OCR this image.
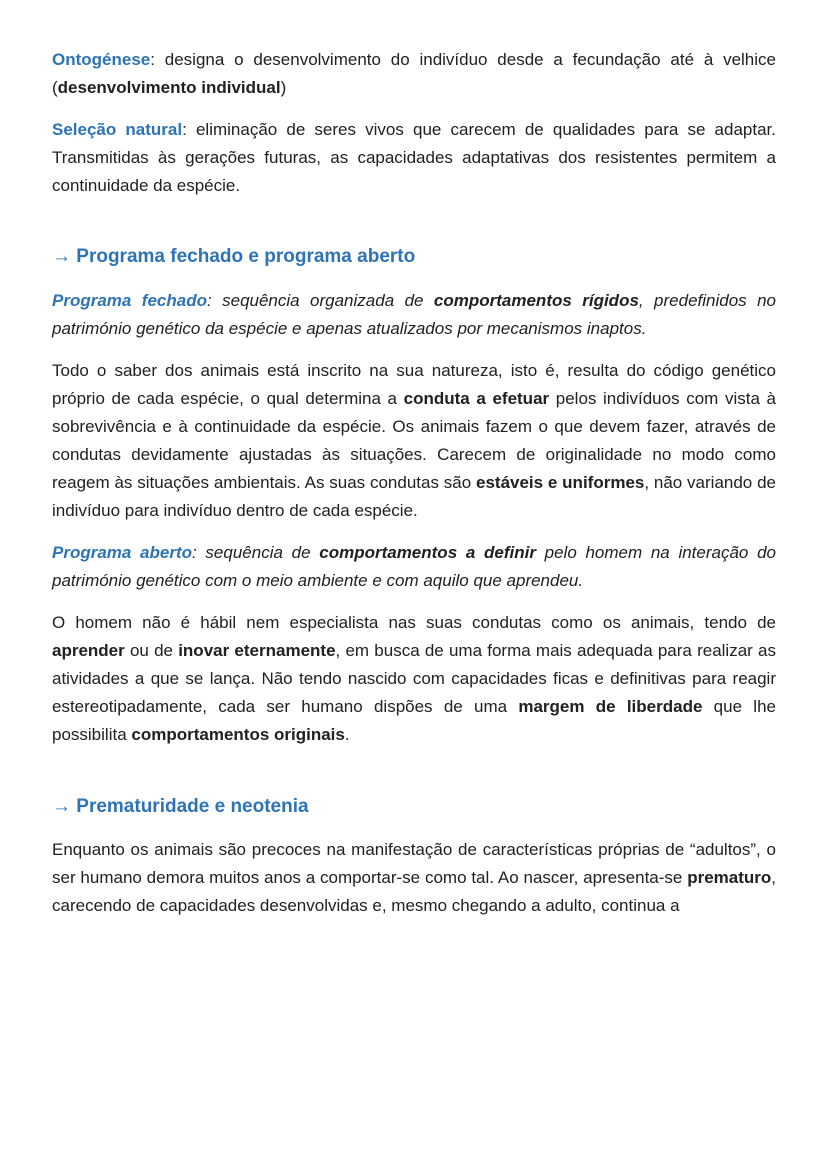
Ontogénese: designa o desenvolvimento do indivíduo desde a fecundação até à velhice (desenvolvimento individual)

Seleção natural: eliminação de seres vivos que carecem de qualidades para se adaptar. Transmitidas às gerações futuras, as capacidades adaptativas dos resistentes permitem a continuidade da espécie.

→ Programa fechado e programa aberto

Programa fechado: sequência organizada de comportamentos rígidos, predefinidos no património genético da espécie e apenas atualizados por mecanismos inaptos.

Todo o saber dos animais está inscrito na sua natureza, isto é, resulta do código genético próprio de cada espécie, o qual determina a conduta a efetuar pelos indivíduos com vista à sobrevivência e à continuidade da espécie. Os animais fazem o que devem fazer, através de condutas devidamente ajustadas às situações. Carecem de originalidade no modo como reagem às situações ambientais. As suas condutas são estáveis e uniformes, não variando de indivíduo para indivíduo dentro de cada espécie.

Programa aberto: sequência de comportamentos a definir pelo homem na interação do património genético com o meio ambiente e com aquilo que aprendeu.

O homem não é hábil nem especialista nas suas condutas como os animais, tendo de aprender ou de inovar eternamente, em busca de uma forma mais adequada para realizar as atividades a que se lança. Não tendo nascido com capacidades ficas e definitivas para reagir estereotipadamente, cada ser humano dispões de uma margem de liberdade que lhe possibilita comportamentos originais.

→ Prematuridade e neotenia

Enquanto os animais são precoces na manifestação de características próprias de “adultos”, o ser humano demora muitos anos a comportar-se como tal. Ao nascer, apresenta-se prematuro, carecendo de capacidades desenvolvidas e, mesmo chegando a adulto, continua a
